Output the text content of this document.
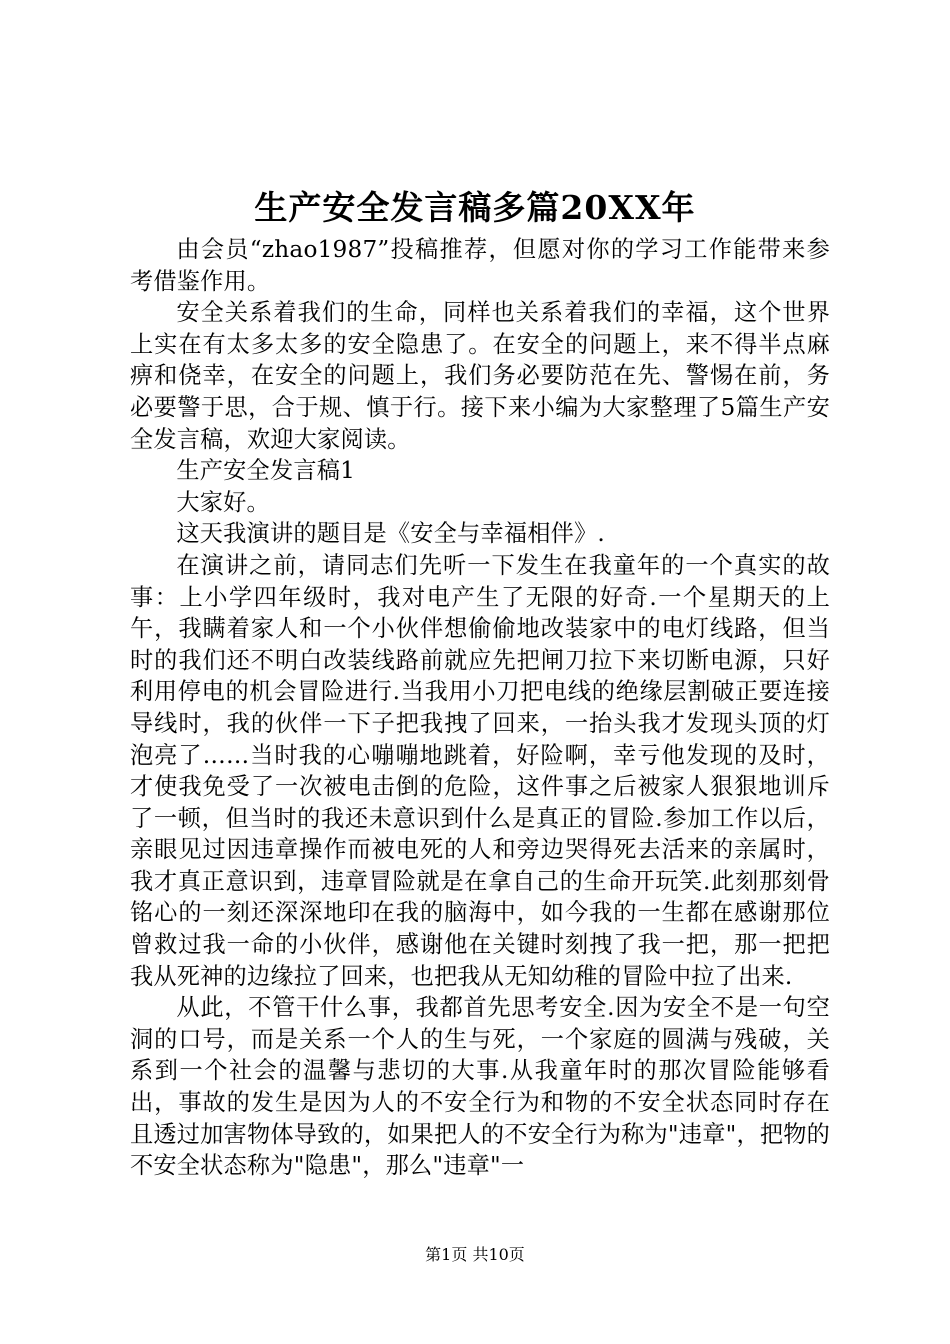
生产安全发言稿多篇20XX年

由会员“zhao1987”投稿推荐，但愿对你的学习工作能带来参考借鉴作用。

安全关系着我们的生命，同样也关系着我们的幸福，这个世界上实在有太多太多的安全隐患了。在安全的问题上，来不得半点麻痹和侥幸，在安全的问题上，我们务必要防范在先、警惕在前，务必要警于思，合于规、慎于行。接下来小编为大家整理了5篇生产安全发言稿，欢迎大家阅读。

生产安全发言稿1

大家好。

这天我演讲的题目是《安全与幸福相伴》.

在演讲之前，请同志们先听一下发生在我童年的一个真实的故事：上小学四年级时，我对电产生了无限的好奇.一个星期天的上午，我瞒着家人和一个小伙伴想偷偷地改装家中的电灯线路，但当时的我们还不明白改装线路前就应先把闸刀拉下来切断电源，只好利用停电的机会冒险进行.当我用小刀把电线的绝缘层割破正要连接导线时，我的伙伴一下子把我拽了回来，一抬头我才发现头顶的灯泡亮了……当时我的心嘣嘣地跳着，好险啊，幸亏他发现的及时，才使我免受了一次被电击倒的危险，这件事之后被家人狠狠地训斥了一顿，但当时的我还未意识到什么是真正的冒险.参加工作以后，亲眼见过因违章操作而被电死的人和旁边哭得死去活来的亲属时，我才真正意识到，违章冒险就是在拿自己的生命开玩笑.此刻那刻骨铭心的一刻还深深地印在我的脑海中，如今我的一生都在感谢那位曾救过我一命的小伙伴，感谢他在关键时刻拽了我一把，那一把把我从死神的边缘拉了回来，也把我从无知幼稚的冒险中拉了出来.

从此，不管干什么事，我都首先思考安全.因为安全不是一句空洞的口号，而是关系一个人的生与死，一个家庭的圆满与残破，关系到一个社会的温馨与悲切的大事.从我童年时的那次冒险能够看出，事故的发生是因为人的不安全行为和物的不安全状态同时存在且透过加害物体导致的，如果把人的不安全行为称为"违章"，把物的不安全状态称为"隐患"，那么"违章"一

第1页 共10页
